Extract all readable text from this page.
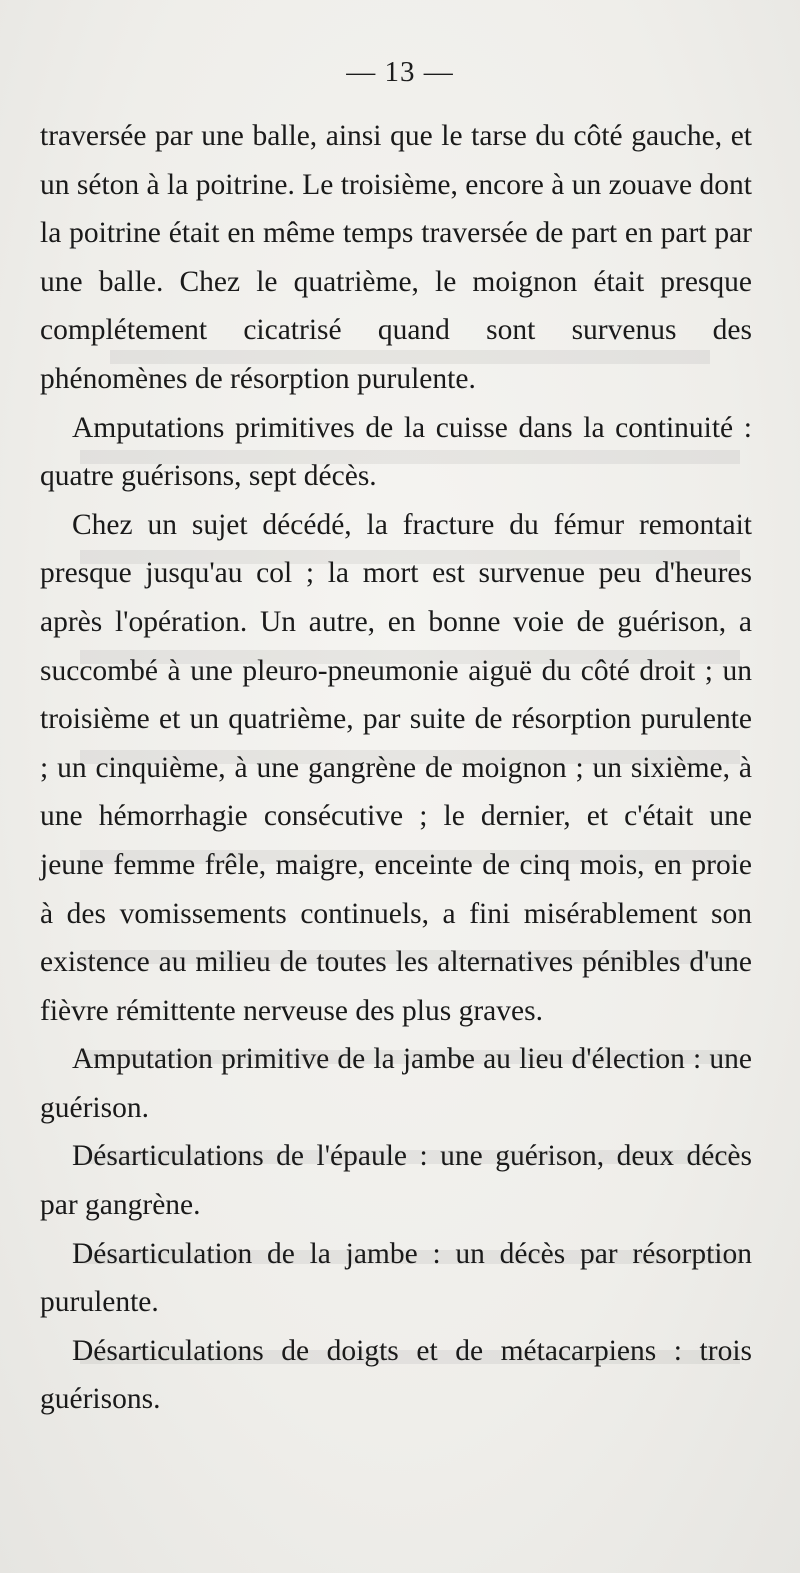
— 13 —

traversée par une balle, ainsi que le tarse du côté gauche, et un séton à la poitrine. Le troisième, encore à un zouave dont la poitrine était en même temps traversée de part en part par une balle. Chez le quatrième, le moignon était presque complétement cicatrisé quand sont survenus des phénomènes de résorption purulente.

Amputations primitives de la cuisse dans la continuité : quatre guérisons, sept décès.

Chez un sujet décédé, la fracture du fémur remontait presque jusqu'au col ; la mort est survenue peu d'heures après l'opération. Un autre, en bonne voie de guérison, a succombé à une pleuro-pneumonie aiguë du côté droit ; un troisième et un quatrième, par suite de résorption purulente ; un cinquième, à une gangrène de moignon ; un sixième, à une hémorrhagie consécutive ; le dernier, et c'était une jeune femme frêle, maigre, enceinte de cinq mois, en proie à des vomissements continuels, a fini misérablement son existence au milieu de toutes les alternatives pénibles d'une fièvre rémittente nerveuse des plus graves.

Amputation primitive de la jambe au lieu d'élection : une guérison.

Désarticulations de l'épaule : une guérison, deux décès par gangrène.

Désarticulation de la jambe : un décès par résorption purulente.

Désarticulations de doigts et de métacarpiens : trois guérisons.
